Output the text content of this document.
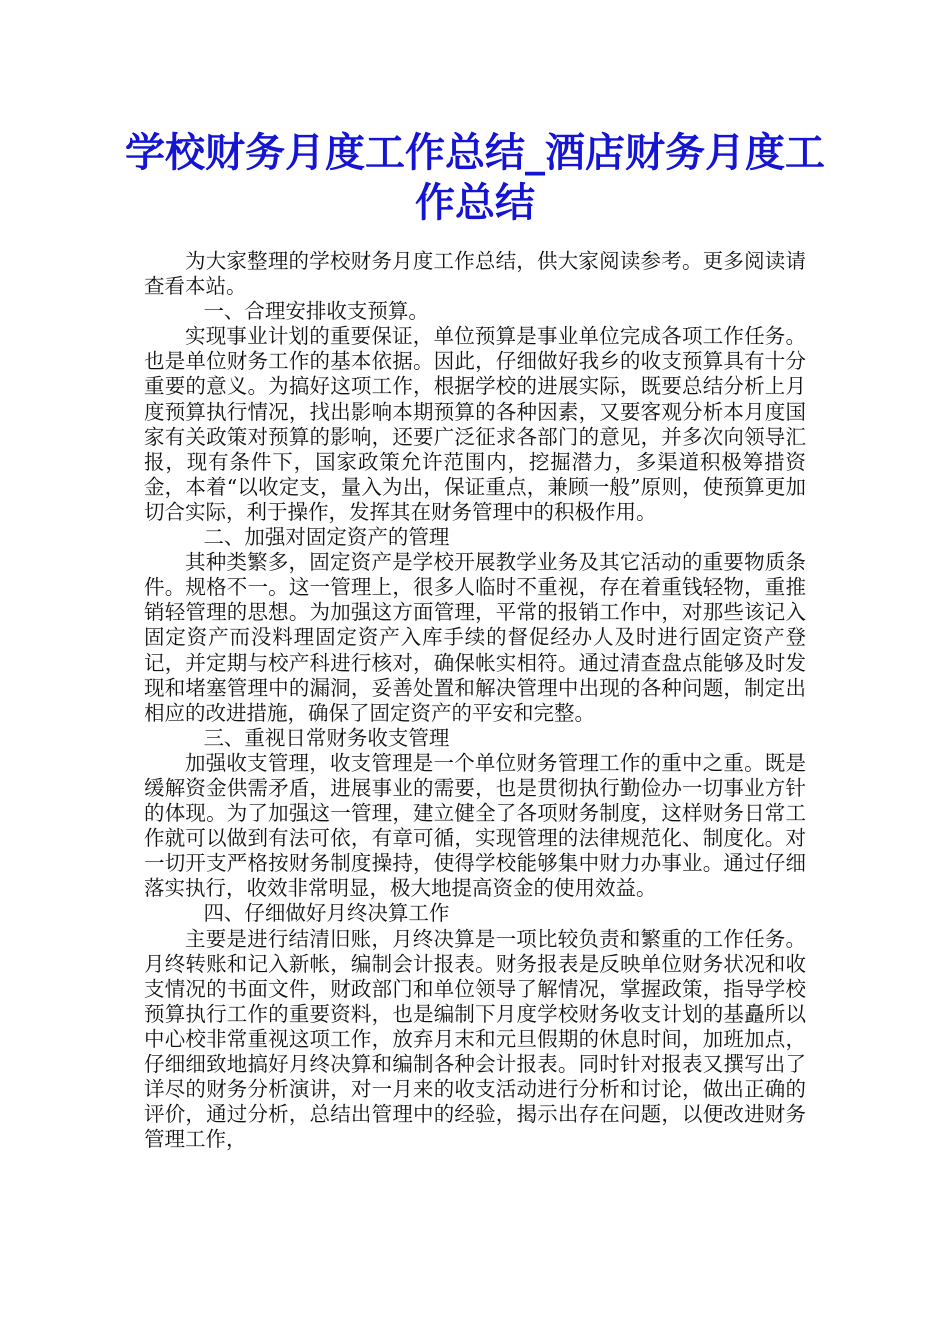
学校财务月度工作总结_酒店财务月度工作总结

为大家整理的学校财务月度工作总结，供大家阅读参考。更多阅读请查看本站。

一、合理安排收支预算。

实现事业计划的重要保证，单位预算是事业单位完成各项工作任务。也是单位财务工作的基本依据。因此，仔细做好我乡的收支预算具有十分重要的意义。为搞好这项工作，根据学校的进展实际，既要总结分析上月度预算执行情况，找出影响本期预算的各种因素，又要客观分析本月度国家有关政策对预算的影响，还要广泛征求各部门的意见，并多次向领导汇报，现有条件下，国家政策允许范围内，挖掘潜力，多渠道积极筹措资金，本着“以收定支，量入为出，保证重点，兼顾一般”原则，使预算更加切合实际，利于操作，发挥其在财务管理中的积极作用。

二、加强对固定资产的管理

其种类繁多，固定资产是学校开展教学业务及其它活动的重要物质条件。规格不一。这一管理上，很多人临时不重视，存在着重钱轻物，重推销轻管理的思想。为加强这方面管理，平常的报销工作中，对那些该记入固定资产而没料理固定资产入库手续的督促经办人及时进行固定资产登记，并定期与校产科进行核对，确保帐实相符。通过清查盘点能够及时发现和堵塞管理中的漏洞，妥善处置和解决管理中出现的各种问题，制定出相应的改进措施，确保了固定资产的平安和完整。

三、重视日常财务收支管理

加强收支管理，收支管理是一个单位财务管理工作的重中之重。既是缓解资金供需矛盾，进展事业的需要，也是贯彻执行勤俭办一切事业方针的体现。为了加强这一管理，建立健全了各项财务制度，这样财务日常工作就可以做到有法可依，有章可循，实现管理的法律规范化、制度化。对一切开支严格按财务制度操持，使得学校能够集中财力办事业。通过仔细落实执行，收效非常明显，极大地提高资金的使用效益。

四、仔细做好月终决算工作

主要是进行结清旧账，月终决算是一项比较负责和繁重的工作任务。月终转账和记入新帐，编制会计报表。财务报表是反映单位财务状况和收支情况的书面文件，财政部门和单位领导了解情况，掌握政策，指导学校预算执行工作的重要资料，也是编制下月度学校财务收支计划的基矗所以中心校非常重视这项工作，放弃月末和元旦假期的休息时间，加班加点，仔细细致地搞好月终决算和编制各种会计报表。同时针对报表又撰写出了详尽的财务分析演讲，对一月来的收支活动进行分析和讨论，做出正确的评价，通过分析，总结出管理中的经验，揭示出存在问题，以便改进财务管理工作，
